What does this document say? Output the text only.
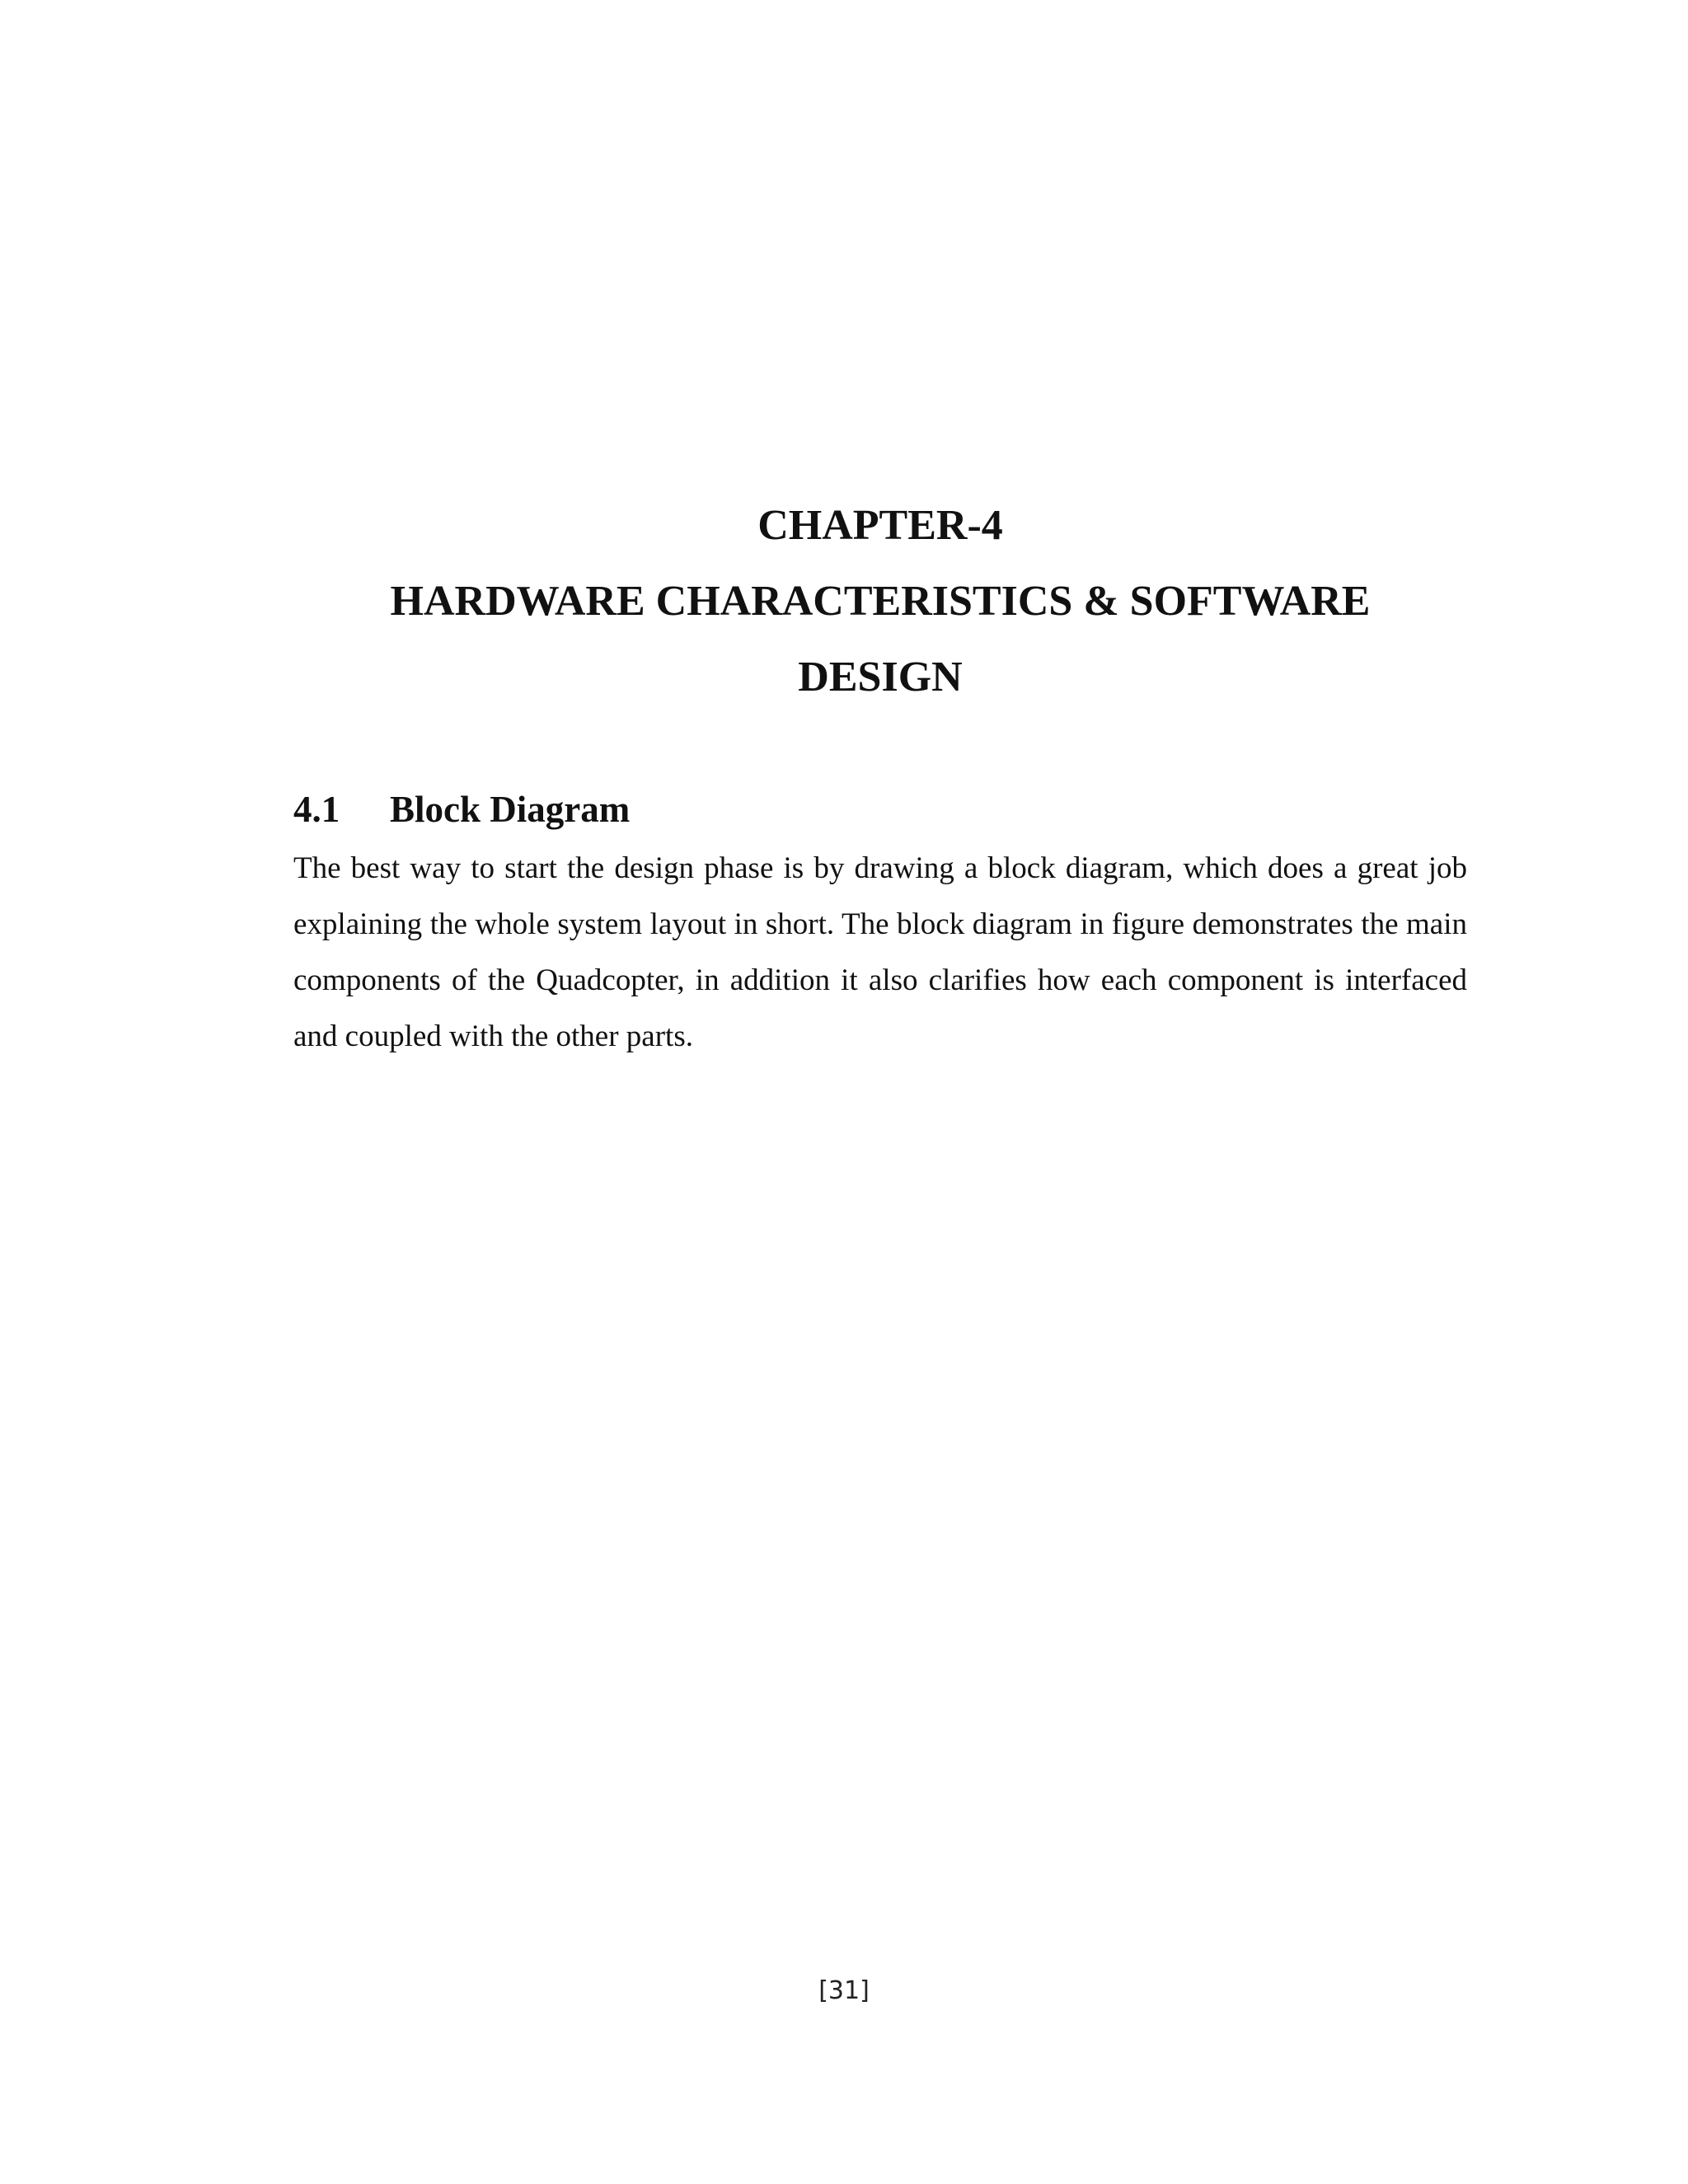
CHAPTER-4

HARDWARE CHARACTERISTICS & SOFTWARE
DESIGN
4.1	Block Diagram

The best way to start the design phase is by drawing a block diagram, which does a great job explaining the whole system layout in short. The block diagram in figure demonstrates the main components of the Quadcopter, in addition it also clarifies how each component is interfaced and coupled with the other parts.

[31]
